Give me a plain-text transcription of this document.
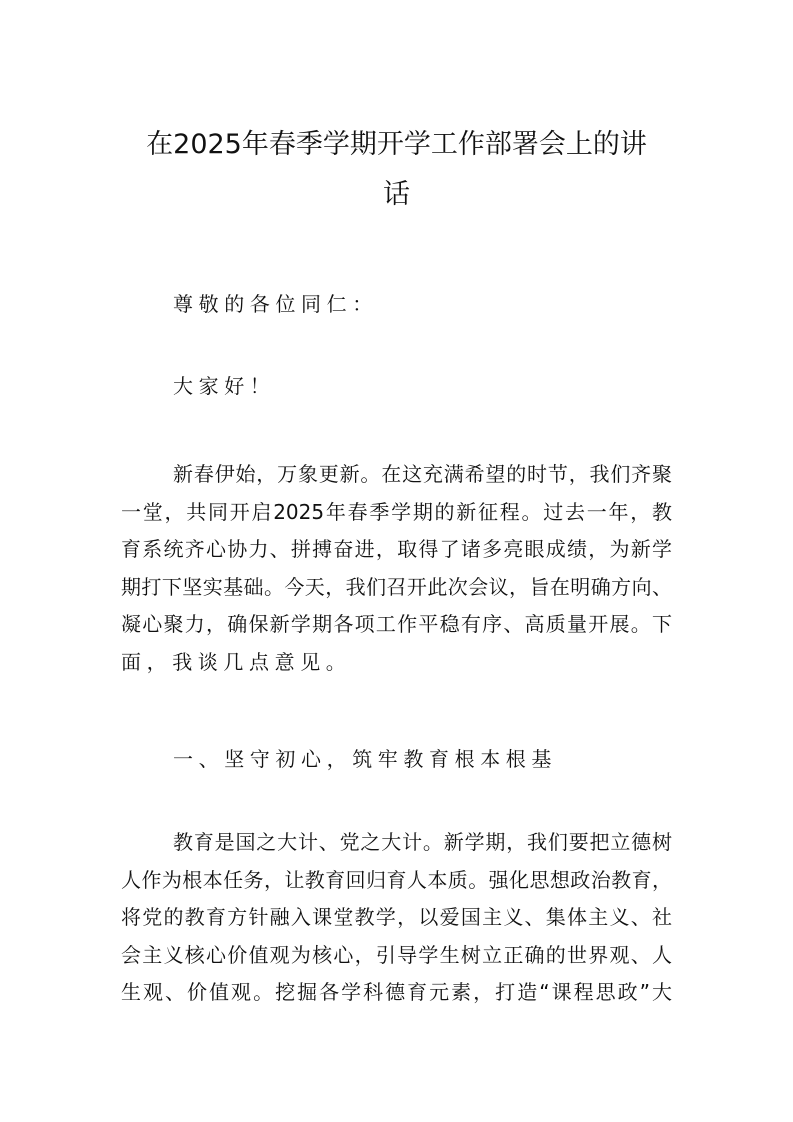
在2025年春季学期开学工作部署会上的讲
话
尊敬的各位同仁：
大家好！
新春伊始，万象更新。在这充满希望的时节，我们齐聚
一堂，共同开启2025年春季学期的新征程。过去一年，教
育系统齐心协力、拼搏奋进，取得了诸多亮眼成绩，为新学
期打下坚实基础。今天，我们召开此次会议，旨在明确方向、
凝心聚力，确保新学期各项工作平稳有序、高质量开展。下
面，我谈几点意见。
一、坚守初心，筑牢教育根本根基
教育是国之大计、党之大计。新学期，我们要把立德树
人作为根本任务，让教育回归育人本质。强化思想政治教育，
将党的教育方针融入课堂教学，以爱国主义、集体主义、社
会主义核心价值观为核心，引导学生树立正确的世界观、人
生观、价值观。挖掘各学科德育元素，打造“课程思政”大
